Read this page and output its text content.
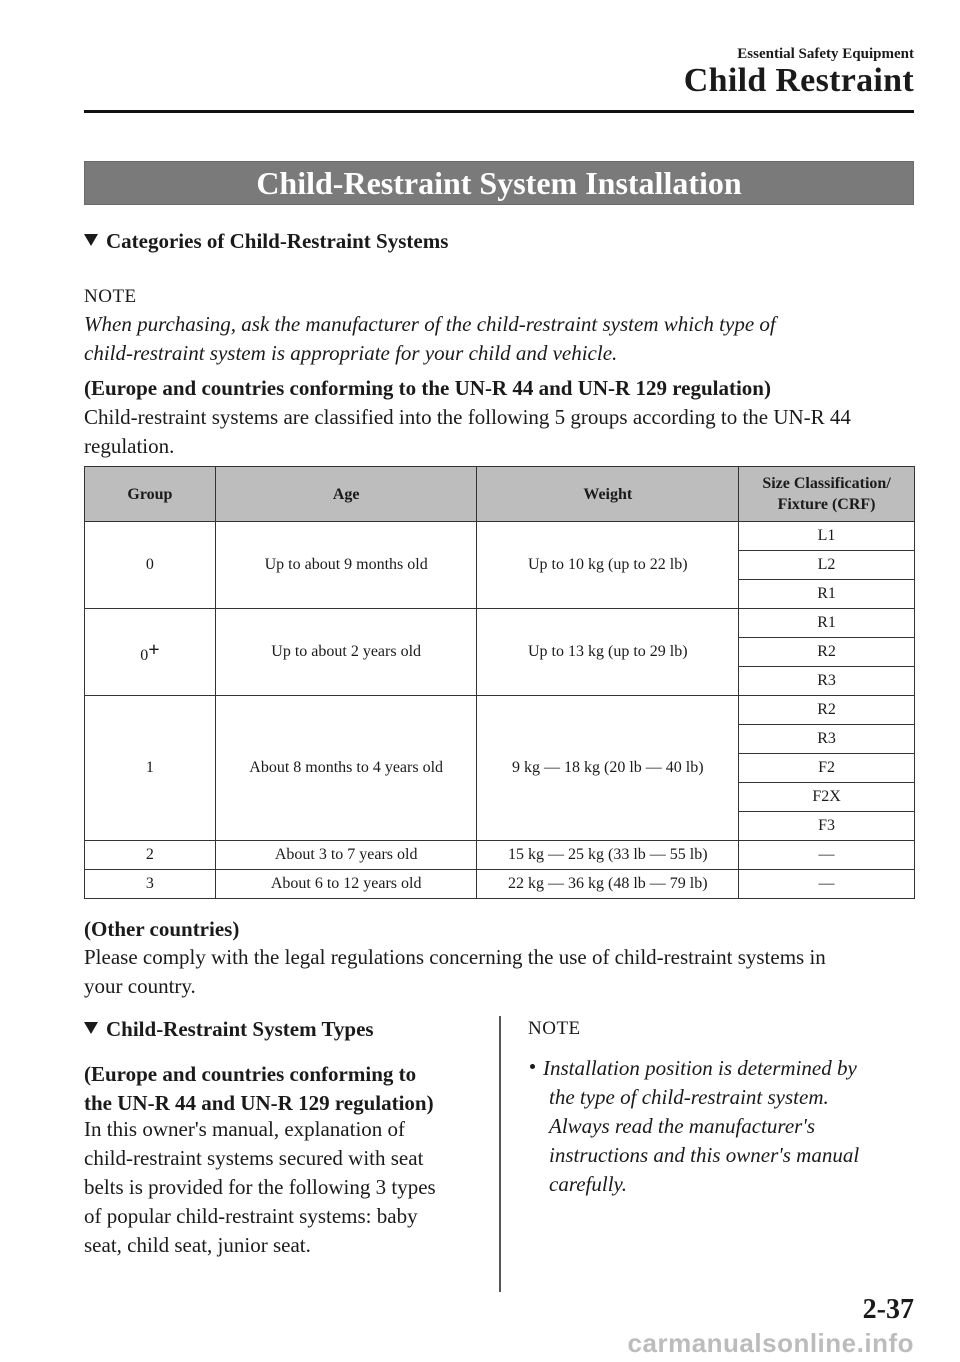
Essential Safety Equipment
Child Restraint
Child-Restraint System Installation
Categories of Child-Restraint Systems
NOTE
When purchasing, ask the manufacturer of the child-restraint system which type of
child-restraint system is appropriate for your child and vehicle.
(Europe and countries conforming to the UN-R 44 and UN-R 129 regulation)
Child-restraint systems are classified into the following 5 groups according to the UN-R 44
regulation.
Group	Age	Weight	Size Classification/
Fixture (CRF)
0	Up to about 9 months old	Up to 10 kg (up to 22 lb)	L1
			L2
			R1
0+	Up to about 2 years old	Up to 13 kg (up to 29 lb)	R1
			R2
			R3
1	About 8 months to 4 years old	9 kg — 18 kg (20 lb — 40 lb)	R2
			R3
			F2
			F2X
			F3
2	About 3 to 7 years old	15 kg — 25 kg (33 lb — 55 lb)	—
3	About 6 to 12 years old	22 kg — 36 kg (48 lb — 79 lb)	—
(Other countries)
Please comply with the legal regulations concerning the use of child-restraint systems in
your country.
Child-Restraint System Types
(Europe and countries conforming to
the UN-R 44 and UN-R 129 regulation)
In this owner's manual, explanation of
child-restraint systems secured with seat
belts is provided for the following 3 types
of popular child-restraint systems: baby
seat, child seat, junior seat.
NOTE
Installation position is determined by
the type of child-restraint system.
Always read the manufacturer's
instructions and this owner's manual
carefully.
2-37
carmanualsonline.info
